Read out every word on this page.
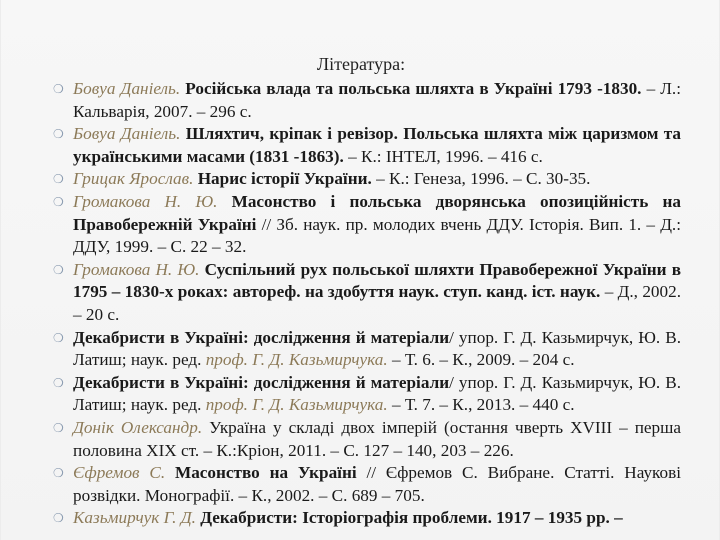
Література:
❍ Бовуа Даніель. Російська влада та польська шляхта в Україні 1793 -1830. – Л.: Кальварія, 2007. – 296 с.
❍ Бовуа Даніель. Шляхтич, кріпак і ревізор. Польська шляхта між царизмом та українськими масами (1831 -1863). – К.: ІНТЕЛ, 1996. – 416 с.
❍ Грицак Ярослав. Нарис історії України. – К.: Генеза, 1996. – С. 30-35.
❍ Громакова Н. Ю. Масонство і польська дворянська опозиційність на Правобережній Україні // Зб. наук. пр. молодих вчень ДДУ. Історія. Вип. 1. – Д.: ДДУ, 1999. – С. 22 – 32.
❍ Громакова Н. Ю. Суспільний рух польської шляхти Правобережної України в 1795 – 1830-х роках: автореф. на здобуття наук. ступ. канд. іст. наук. – Д., 2002. – 20 с.
❍ Декабристи в Україні: дослідження й матеріали/ упор. Г. Д. Казьмирчук, Ю. В. Латиш; наук. ред. проф. Г. Д. Казьмирчука. – Т. 6. – К., 2009. – 204 с.
❍ Декабристи в Україні: дослідження й матеріали/ упор. Г. Д. Казьмирчук, Ю. В. Латиш; наук. ред. проф. Г. Д. Казьмирчука. – Т. 7. – К., 2013. – 440 с.
❍ Донік Олександр. Україна у складі двох імперій (остання чверть XVIII – перша половина XIX ст. – К.:Кріон, 2011. – С. 127 – 140, 203 – 226.
❍ Єфремов С. Масонство на Україні // Єфремов С. Вибране. Статті. Наукові розвідки. Монографії. – К., 2002. – С. 689 – 705.
❍ Казьмирчук Г. Д. Декабристи: Історіографія проблеми. 1917 – 1935 рр. –
